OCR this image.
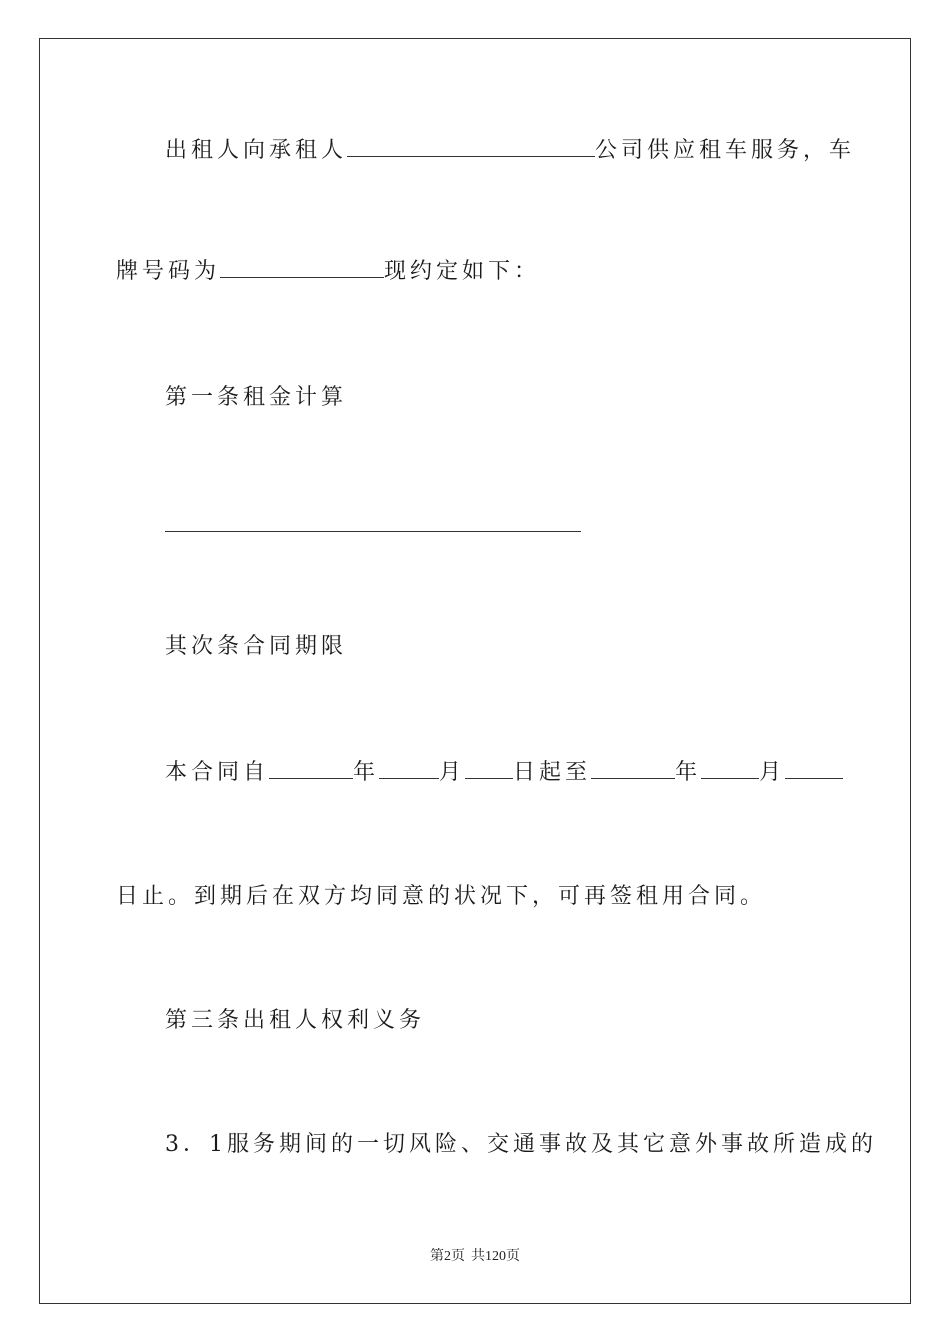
出租人向承租人	公司供应租车服务，车
牌号码为	现约定如下：
第一条租金计算
其次条合同期限
本合同自	年	月 日起至	年	月
日止。到期后在双方均同意的状况下，可再签租用合同。
第三条出租人权利义务
3．1服务期间的一切风险、交通事故及其它意外事故所造成的
第2页 共120页
